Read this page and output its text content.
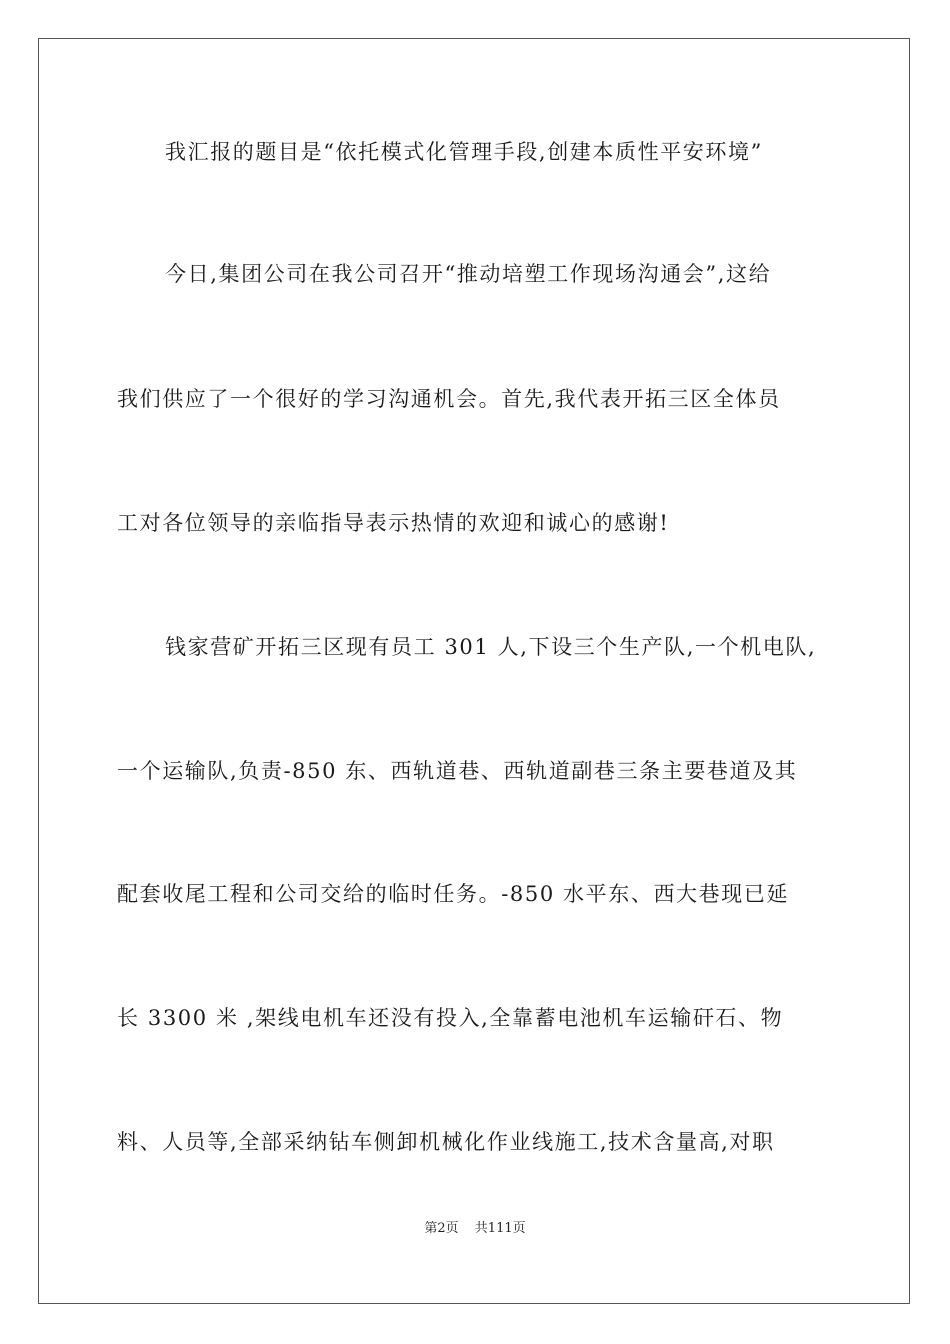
我汇报的题目是“依托模式化管理手段,创建本质性平安环境”
今日,集团公司在我公司召开“推动培塑工作现场沟通会”,这给
我们供应了一个很好的学习沟通机会。首先,我代表开拓三区全体员
工对各位领导的亲临指导表示热情的欢迎和诚心的感谢!
钱家营矿开拓三区现有员工 301 人,下设三个生产队,一个机电队,
一个运输队,负责-850 东、西轨道巷、西轨道副巷三条主要巷道及其
配套收尾工程和公司交给的临时任务。-850 水平东、西大巷现已延
长 3300 米 ,架线电机车还没有投入,全靠蓄电池机车运输矸石、物
料、人员等,全部采纳钻车侧卸机械化作业线施工,技术含量高,对职
第2页 共111页
